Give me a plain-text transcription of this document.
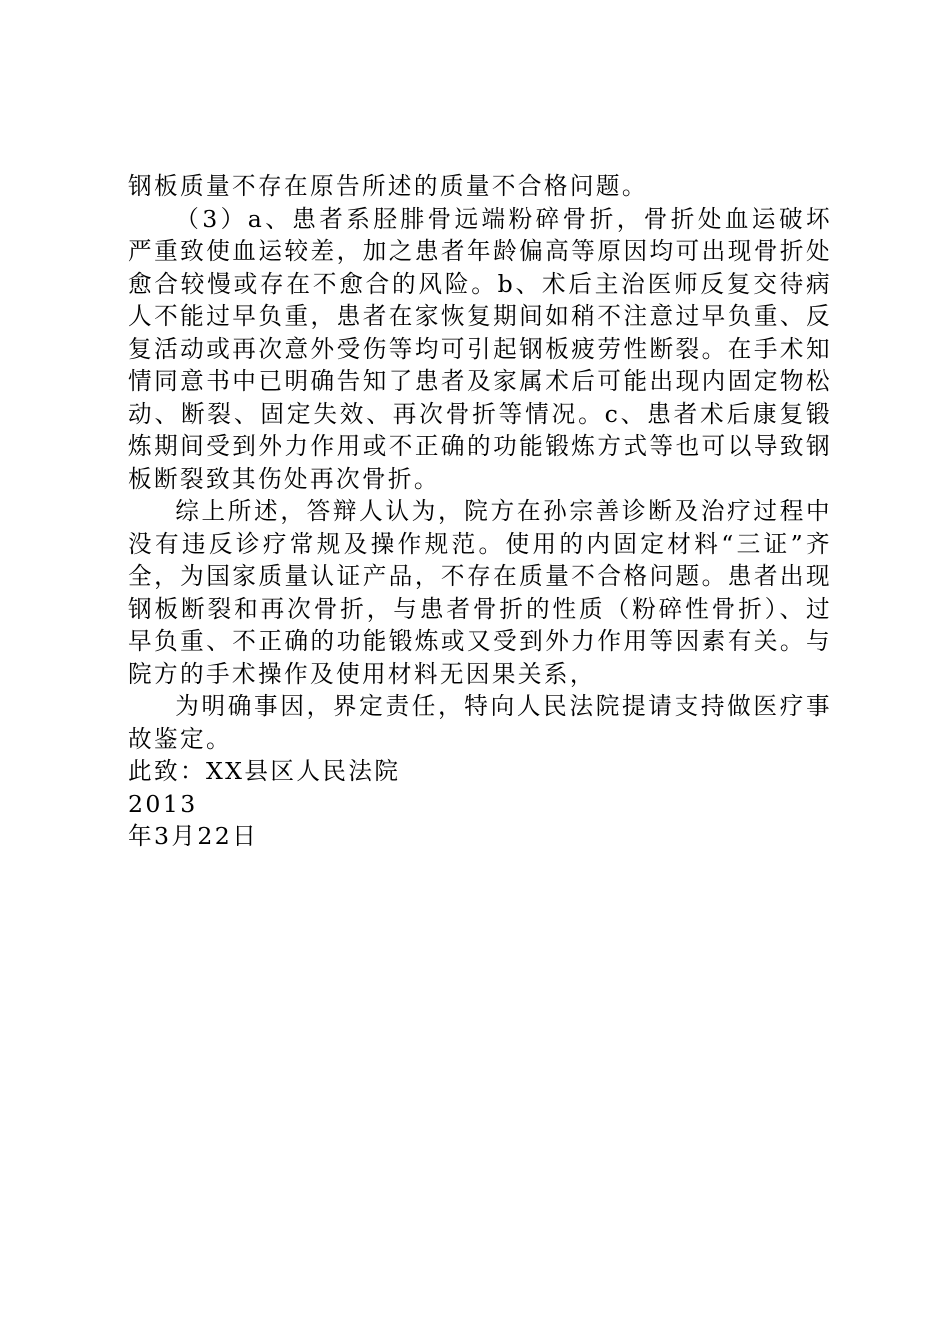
钢板质量不存在原告所述的质量不合格问题。

（3）a、患者系胫腓骨远端粉碎骨折，骨折处血运破坏严重致使血运较差，加之患者年龄偏高等原因均可出现骨折处愈合较慢或存在不愈合的风险。b、术后主治医师反复交待病人不能过早负重，患者在家恢复期间如稍不注意过早负重、反复活动或再次意外受伤等均可引起钢板疲劳性断裂。在手术知情同意书中已明确告知了患者及家属术后可能出现内固定物松动、断裂、固定失效、再次骨折等情况。c、患者术后康复锻炼期间受到外力作用或不正确的功能锻炼方式等也可以导致钢板断裂致其伤处再次骨折。

综上所述，答辩人认为，院方在孙宗善诊断及治疗过程中没有违反诊疗常规及操作规范。使用的内固定材料“三证”齐全，为国家质量认证产品，不存在质量不合格问题。患者出现钢板断裂和再次骨折，与患者骨折的性质（粉碎性骨折）、过早负重、不正确的功能锻炼或又受到外力作用等因素有关。与院方的手术操作及使用材料无因果关系，

为明确事因，界定责任，特向人民法院提请支持做医疗事故鉴定。

此致：XX县区人民法院

2013

年3月22日
